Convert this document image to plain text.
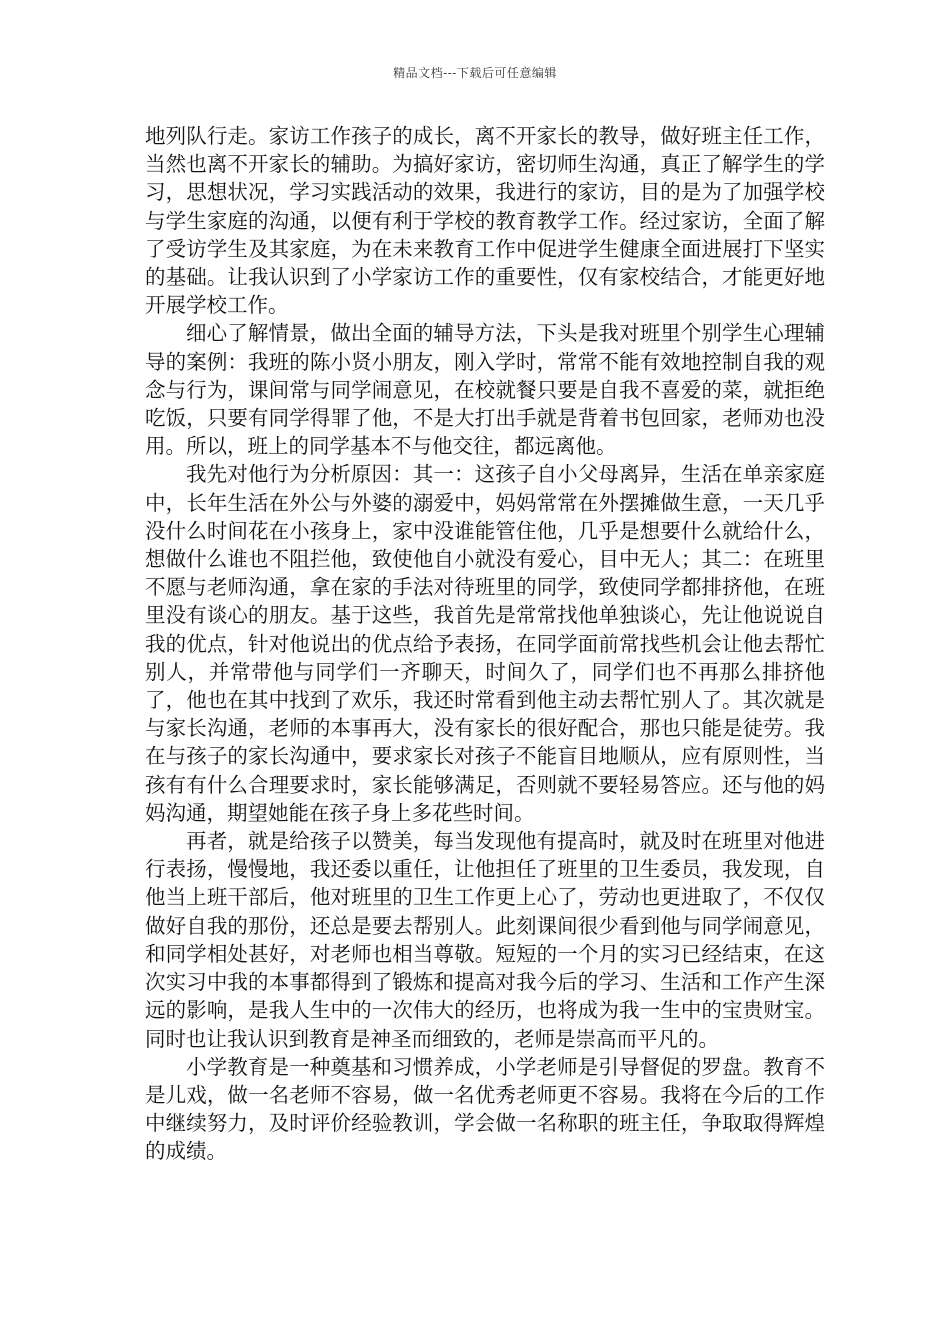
精品文档---下载后可任意编辑

地列队行走。家访工作孩子的成长，离不开家长的教导，做好班主任工作，当然也离不开家长的辅助。为搞好家访，密切师生沟通，真正了解学生的学习，思想状况，学习实践活动的效果，我进行的家访，目的是为了加强学校与学生家庭的沟通，以便有利于学校的教育教学工作。经过家访，全面了解了受访学生及其家庭，为在未来教育工作中促进学生健康全面进展打下坚实的基础。让我认识到了小学家访工作的重要性，仅有家校结合，才能更好地开展学校工作。

细心了解情景，做出全面的辅导方法，下头是我对班里个别学生心理辅导的案例：我班的陈小贤小朋友，刚入学时，常常不能有效地控制自我的观念与行为，课间常与同学闹意见，在校就餐只要是自我不喜爱的菜，就拒绝吃饭，只要有同学得罪了他，不是大打出手就是背着书包回家，老师劝也没用。所以，班上的同学基本不与他交往，都远离他。

我先对他行为分析原因：其一：这孩子自小父母离异，生活在单亲家庭中，长年生活在外公与外婆的溺爱中，妈妈常常在外摆摊做生意，一天几乎没什么时间花在小孩身上，家中没谁能管住他，几乎是想要什么就给什么，想做什么谁也不阻拦他，致使他自小就没有爱心，目中无人；其二：在班里不愿与老师沟通，拿在家的手法对待班里的同学，致使同学都排挤他，在班里没有谈心的朋友。基于这些，我首先是常常找他单独谈心，先让他说说自我的优点，针对他说出的优点给予表扬，在同学面前常找些机会让他去帮忙别人，并常带他与同学们一齐聊天，时间久了，同学们也不再那么排挤他了，他也在其中找到了欢乐，我还时常看到他主动去帮忙别人了。其次就是与家长沟通，老师的本事再大，没有家长的很好配合，那也只能是徒劳。我在与孩子的家长沟通中，要求家长对孩子不能盲目地顺从，应有原则性，当孩有有什么合理要求时，家长能够满足，否则就不要轻易答应。还与他的妈妈沟通，期望她能在孩子身上多花些时间。

再者，就是给孩子以赞美，每当发现他有提高时，就及时在班里对他进行表扬，慢慢地，我还委以重任，让他担任了班里的卫生委员，我发现，自他当上班干部后，他对班里的卫生工作更上心了，劳动也更进取了，不仅仅做好自我的那份，还总是要去帮别人。此刻课间很少看到他与同学闹意见，和同学相处甚好，对老师也相当尊敬。短短的一个月的实习已经结束，在这次实习中我的本事都得到了锻炼和提高对我今后的学习、生活和工作产生深远的影响，是我人生中的一次伟大的经历，也将成为我一生中的宝贵财宝。同时也让我认识到教育是神圣而细致的，老师是崇高而平凡的。

小学教育是一种奠基和习惯养成，小学老师是引导督促的罗盘。教育不是儿戏，做一名老师不容易，做一名优秀老师更不容易。我将在今后的工作中继续努力，及时评价经验教训，学会做一名称职的班主任，争取取得辉煌的成绩。
